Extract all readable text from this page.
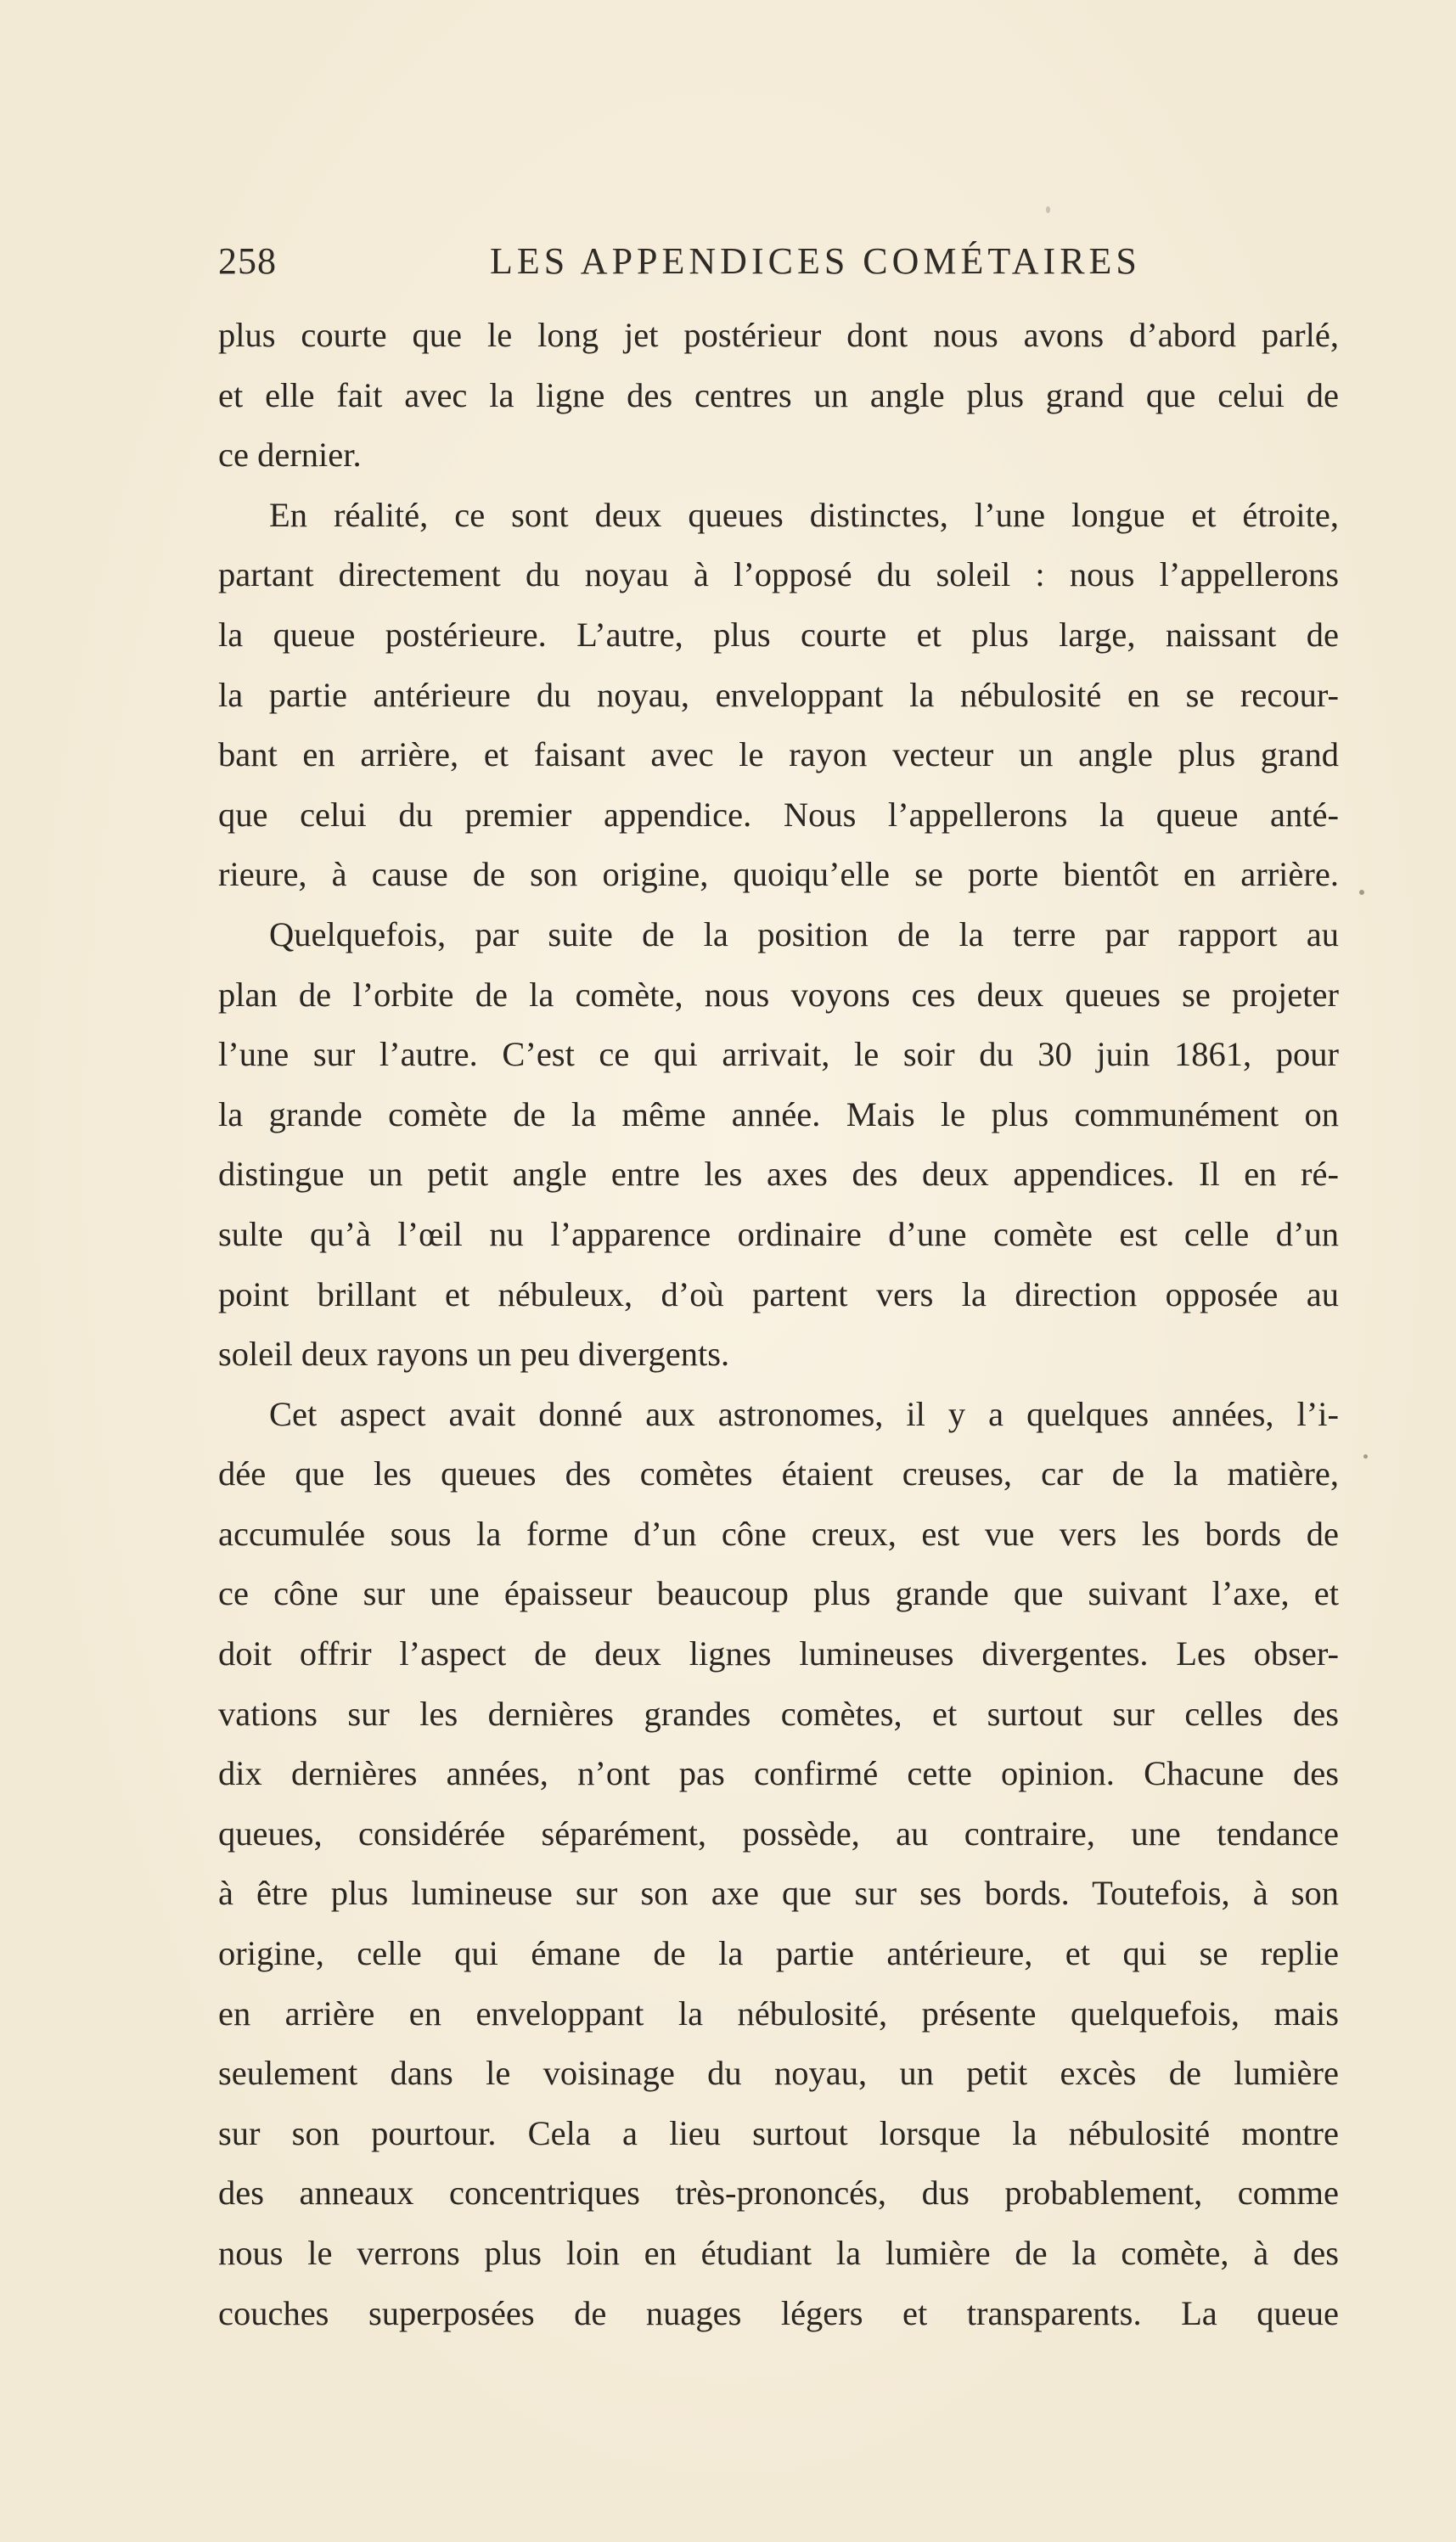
258	LES APPENDICES COMÉTAIRES
plus courte que le long jet postérieur dont nous avons d’abord parlé,
et elle fait avec la ligne des centres un angle plus grand que celui de
ce dernier.
En réalité, ce sont deux queues distinctes, l’une longue et étroite,
partant directement du noyau à l’opposé du soleil : nous l’appellerons
la queue postérieure. L’autre, plus courte et plus large, naissant de
la partie antérieure du noyau, enveloppant la nébulosité en se recour-
bant en arrière, et faisant avec le rayon vecteur un angle plus grand
que celui du premier appendice. Nous l’appellerons la queue anté-
rieure, à cause de son origine, quoiqu’elle se porte bientôt en arrière.
Quelquefois, par suite de la position de la terre par rapport au
plan de l’orbite de la comète, nous voyons ces deux queues se projeter
l’une sur l’autre. C’est ce qui arrivait, le soir du 30 juin 1861, pour
la grande comète de la même année. Mais le plus communément on
distingue un petit angle entre les axes des deux appendices. Il en ré-
sulte qu’à l’œil nu l’apparence ordinaire d’une comète est celle d’un
point brillant et nébuleux, d’où partent vers la direction opposée au
soleil deux rayons un peu divergents.
Cet aspect avait donné aux astronomes, il y a quelques années, l’i-
dée que les queues des comètes étaient creuses, car de la matière,
accumulée sous la forme d’un cône creux, est vue vers les bords de
ce cône sur une épaisseur beaucoup plus grande que suivant l’axe, et
doit offrir l’aspect de deux lignes lumineuses divergentes. Les obser-
vations sur les dernières grandes comètes, et surtout sur celles des
dix dernières années, n’ont pas confirmé cette opinion. Chacune des
queues, considérée séparément, possède, au contraire, une tendance
à être plus lumineuse sur son axe que sur ses bords. Toutefois, à son
origine, celle qui émane de la partie antérieure, et qui se replie
en arrière en enveloppant la nébulosité, présente quelquefois, mais
seulement dans le voisinage du noyau, un petit excès de lumière
sur son pourtour. Cela a lieu surtout lorsque la nébulosité montre
des anneaux concentriques très-prononcés, dus probablement, comme
nous le verrons plus loin en étudiant la lumière de la comète, à des
couches superposées de nuages légers et transparents. La queue
